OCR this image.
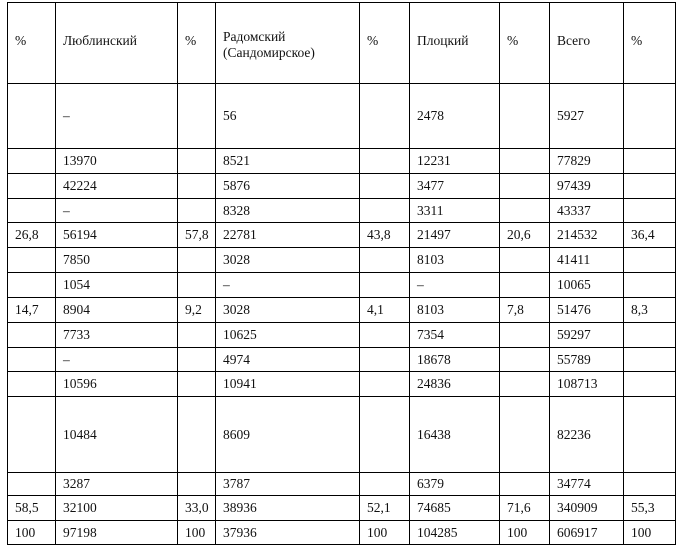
%	Люблинский	%	Радомский (Сандомирское)	%	Плоцкий	%	Всего	%
	–		56		2478		5927	
	13970		8521		12231		77829	
	42224		5876		3477		97439	
	–		8328		3311		43337	
26,8	56194	57,8	22781	43,8	21497	20,6	214532	36,4
	7850		3028		8103		41411	
	1054		–		–		10065	
14,7	8904	9,2	3028	4,1	8103	7,8	51476	8,3
	7733		10625		7354		59297	
	–		4974		18678		55789	
	10596		10941		24836		108713	
	10484		8609		16438		82236	
	3287		3787		6379		34774	
58,5	32100	33,0	38936	52,1	74685	71,6	340909	55,3
100	97198	100	37936	100	104285	100	606917	100
